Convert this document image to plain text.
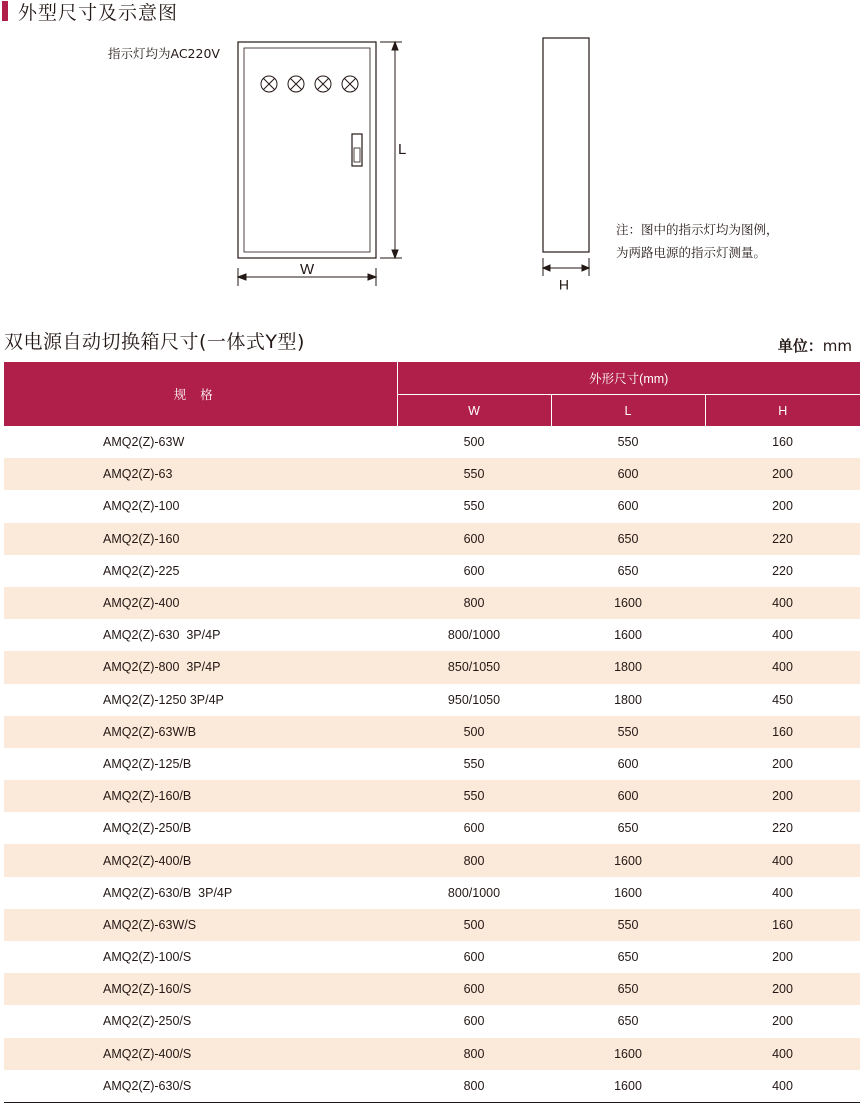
外型尺寸及示意图
指示灯均为AC220V
L
W
H
注：图中的指示灯均为图例，
为两路电源的指示灯测量。
双电源自动切换箱尺寸(一体式Y型)	单位：mm
规格	外形尺寸(mm)		
	W	L	H
AMQ2(Z)-63W	500	550	160
AMQ2(Z)-63	550	600	200
AMQ2(Z)-100	550	600	200
AMQ2(Z)-160	600	650	220
AMQ2(Z)-225	600	650	220
AMQ2(Z)-400	800	1600	400
AMQ2(Z)-630  3P/4P	800/1000	1600	400
AMQ2(Z)-800  3P/4P	850/1050	1800	400
AMQ2(Z)-1250 3P/4P	950/1050	1800	450
AMQ2(Z)-63W/B	500	550	160
AMQ2(Z)-125/B	550	600	200
AMQ2(Z)-160/B	550	600	200
AMQ2(Z)-250/B	600	650	220
AMQ2(Z)-400/B	800	1600	400
AMQ2(Z)-630/B  3P/4P	800/1000	1600	400
AMQ2(Z)-63W/S	500	550	160
AMQ2(Z)-100/S	600	650	200
AMQ2(Z)-160/S	600	650	200
AMQ2(Z)-250/S	600	650	200
AMQ2(Z)-400/S	800	1600	400
AMQ2(Z)-630/S	800	1600	400
